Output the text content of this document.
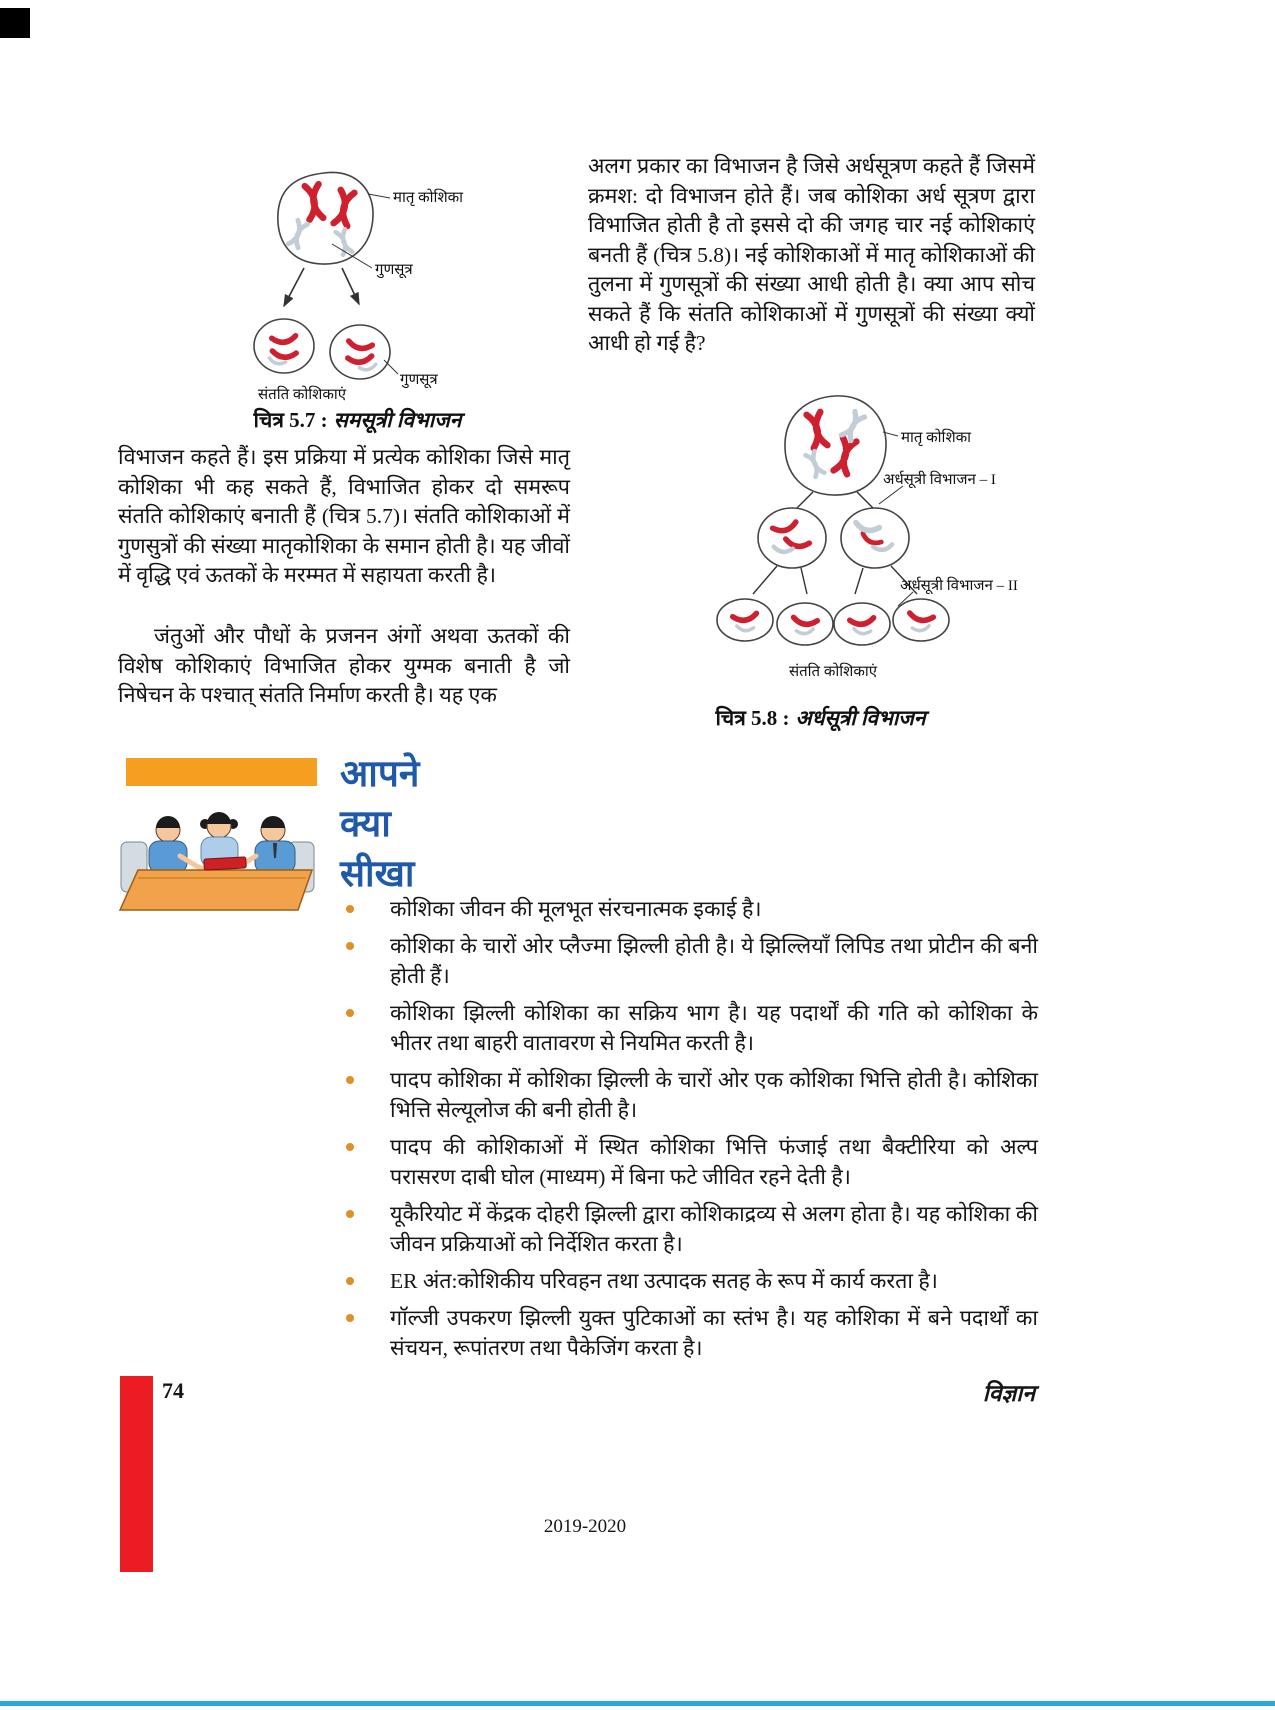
मातृ कोशिका
गुणसूत्र
संतति कोशिकाएं
गुणसूत्र
चित्र 5.7 : समसूत्री विभाजन
अलग प्रकार का विभाजन है जिसे अर्धसूत्रण कहते हैं जिसमें क्रमश: दो विभाजन होते हैं। जब कोशिका अर्ध सूत्रण द्वारा विभाजित होती है तो इससे दो की जगह चार नई कोशिकाएं बनती हैं (चित्र 5.8)। नई कोशिकाओं में मातृ कोशिकाओं की तुलना में गुणसूत्रों की संख्या आधी होती है। क्या आप सोच सकते हैं कि संतति कोशिकाओं में गुणसूत्रों की संख्या क्यों आधी हो गई है?
विभाजन कहते हैं। इस प्रक्रिया में प्रत्येक कोशिका जिसे मातृ कोशिका भी कह सकते हैं, विभाजित होकर दो समरूप संतति कोशिकाएं बनाती हैं (चित्र 5.7)। संतति कोशिकाओं में गुणसुत्रों की संख्या मातृकोशिका के समान होती है। यह जीवों में वृद्धि एवं ऊतकों के मरम्मत में सहायता करती है।
जंतुओं और पौधों के प्रजनन अंगों अथवा ऊतकों की विशेष कोशिकाएं विभाजित होकर युग्मक बनाती है जो निषेचन के पश्चात् संतति निर्माण करती है। यह एक
मातृ कोशिका
अर्धसूत्री विभाजन – I
अर्धसूत्री विभाजन – II
संतति कोशिकाएं
चित्र 5.8 : अर्धसूत्री विभाजन
आपने
क्या
सीखा
कोशिका जीवन की मूलभूत संरचनात्मक इकाई है।
कोशिका के चारों ओर प्लैज्मा झिल्ली होती है। ये झिल्लियाँ लिपिड तथा प्रोटीन की बनी होती हैं।
कोशिका झिल्ली कोशिका का सक्रिय भाग है। यह पदार्थों की गति को कोशिका के भीतर तथा बाहरी वातावरण से नियमित करती है।
पादप कोशिका में कोशिका झिल्ली के चारों ओर एक कोशिका भित्ति होती है। कोशिका भित्ति सेल्यूलोज की बनी होती है।
पादप की कोशिकाओं में स्थित कोशिका भित्ति फंजाई तथा बैक्टीरिया को अल्प परासरण दाबी घोल (माध्यम) में बिना फटे जीवित रहने देती है।
यूकैरियोट में केंद्रक दोहरी झिल्ली द्वारा कोशिकाद्रव्य से अलग होता है। यह कोशिका की जीवन प्रक्रियाओं को निर्देशित करता है।
ER अंत:कोशिकीय परिवहन तथा उत्पादक सतह के रूप में कार्य करता है।
गॉल्जी उपकरण झिल्ली युक्त पुटिकाओं का स्तंभ है। यह कोशिका में बने पदार्थों का संचयन, रूपांतरण तथा पैकेजिंग करता है।
74	विज्ञान
2019-2020
